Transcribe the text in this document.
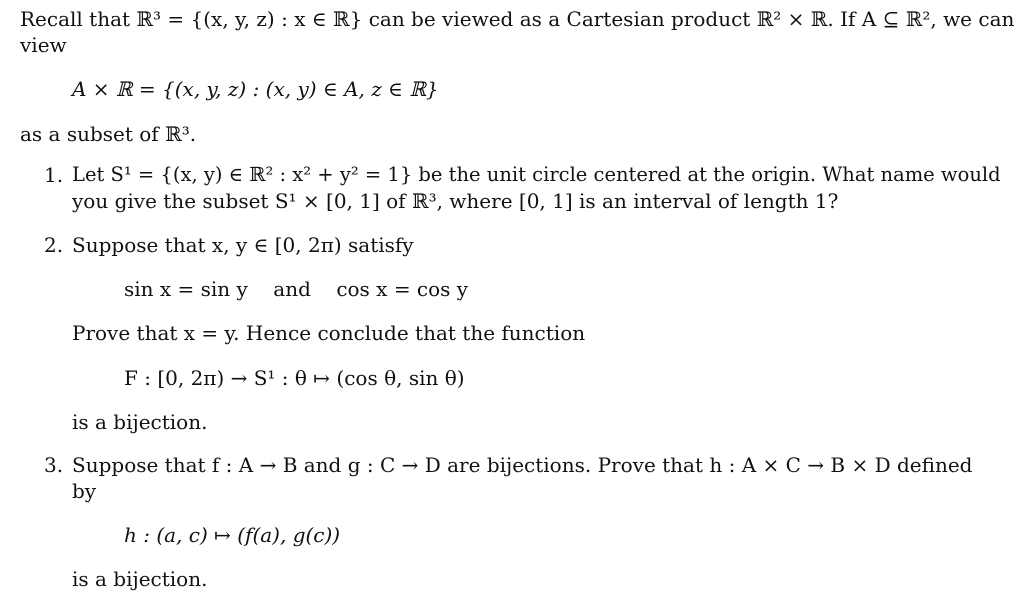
Recall that ℝ³ = {(x, y, z) : x ∈ ℝ} can be viewed as a Cartesian product ℝ² × ℝ. If A ⊆ ℝ², we can
view
A × ℝ = {(x, y, z) : (x, y) ∈ A, z ∈ ℝ}
as a subset of ℝ³.
1. Let S¹ = {(x, y) ∈ ℝ² : x² + y² = 1} be the unit circle centered at the origin. What name would
you give the subset S¹ × [0, 1] of ℝ³, where [0, 1] is an interval of length 1?
2. Suppose that x, y ∈ [0, 2π) satisfy
sin x = sin y    and    cos x = cos y
Prove that x = y. Hence conclude that the function
F : [0, 2π) → S¹ : θ ↦ (cos θ, sin θ)
is a bijection.
3. Suppose that f : A → B and g : C → D are bijections. Prove that h : A × C → B × D defined
by
h : (a, c) ↦ (f(a), g(c))
is a bijection.
